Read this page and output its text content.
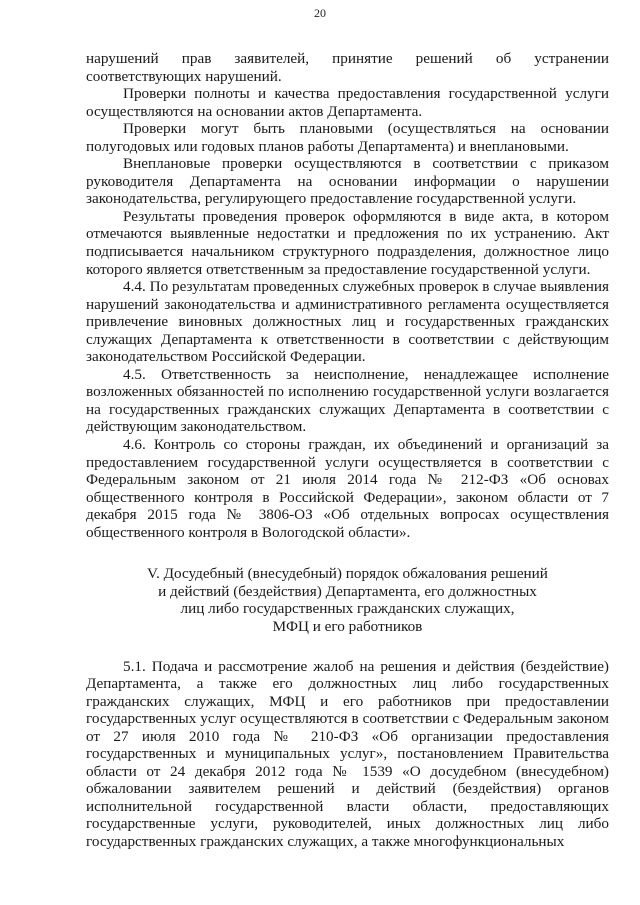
20

нарушений прав заявителей, принятие решений об устранении соответствующих нарушений.

Проверки полноты и качества предоставления государственной услуги осуществляются на основании актов Департамента.

Проверки могут быть плановыми (осуществляться на основании полугодовых или годовых планов работы Департамента) и внеплановыми.

Внеплановые проверки осуществляются в соответствии с приказом руководителя Департамента на основании информации о нарушении законодательства, регулирующего предоставление государственной услуги.

Результаты проведения проверок оформляются в виде акта, в котором отмечаются выявленные недостатки и предложения по их устранению. Акт подписывается начальником структурного подразделения, должностное лицо которого является ответственным за предоставление государственной услуги.

4.4. По результатам проведенных служебных проверок в случае выявления нарушений законодательства и административного регламента осуществляется привлечение виновных должностных лиц и государственных гражданских служащих Департамента к ответственности в соответствии с действующим законодательством Российской Федерации.

4.5. Ответственность за неисполнение, ненадлежащее исполнение возложенных обязанностей по исполнению государственной услуги возлагается на государственных гражданских служащих Департамента в соответствии с действующим законодательством.

4.6. Контроль со стороны граждан, их объединений и организаций за предоставлением государственной услуги осуществляется в соответствии с Федеральным законом от 21 июля 2014 года № 212-ФЗ «Об основах общественного контроля в Российской Федерации», законом области от 7 декабря 2015 года № 3806-ОЗ «Об отдельных вопросах осуществления общественного контроля в Вологодской области».

V. Досудебный (внесудебный) порядок обжалования решений
и действий (бездействия) Департамента, его должностных
лиц либо государственных гражданских служащих,
МФЦ и его работников

5.1. Подача и рассмотрение жалоб на решения и действия (бездействие) Департамента, а также его должностных лиц либо государственных гражданских служащих, МФЦ и его работников при предоставлении государственных услуг осуществляются в соответствии с Федеральным законом от 27 июля 2010 года № 210-ФЗ «Об организации предоставления государственных и муниципальных услуг», постановлением Правительства области от 24 декабря 2012 года № 1539 «О досудебном (внесудебном) обжаловании заявителем решений и действий (бездействия) органов исполнительной государственной власти области, предоставляющих государственные услуги, руководителей, иных должностных лиц либо государственных гражданских служащих, а также многофункциональных
